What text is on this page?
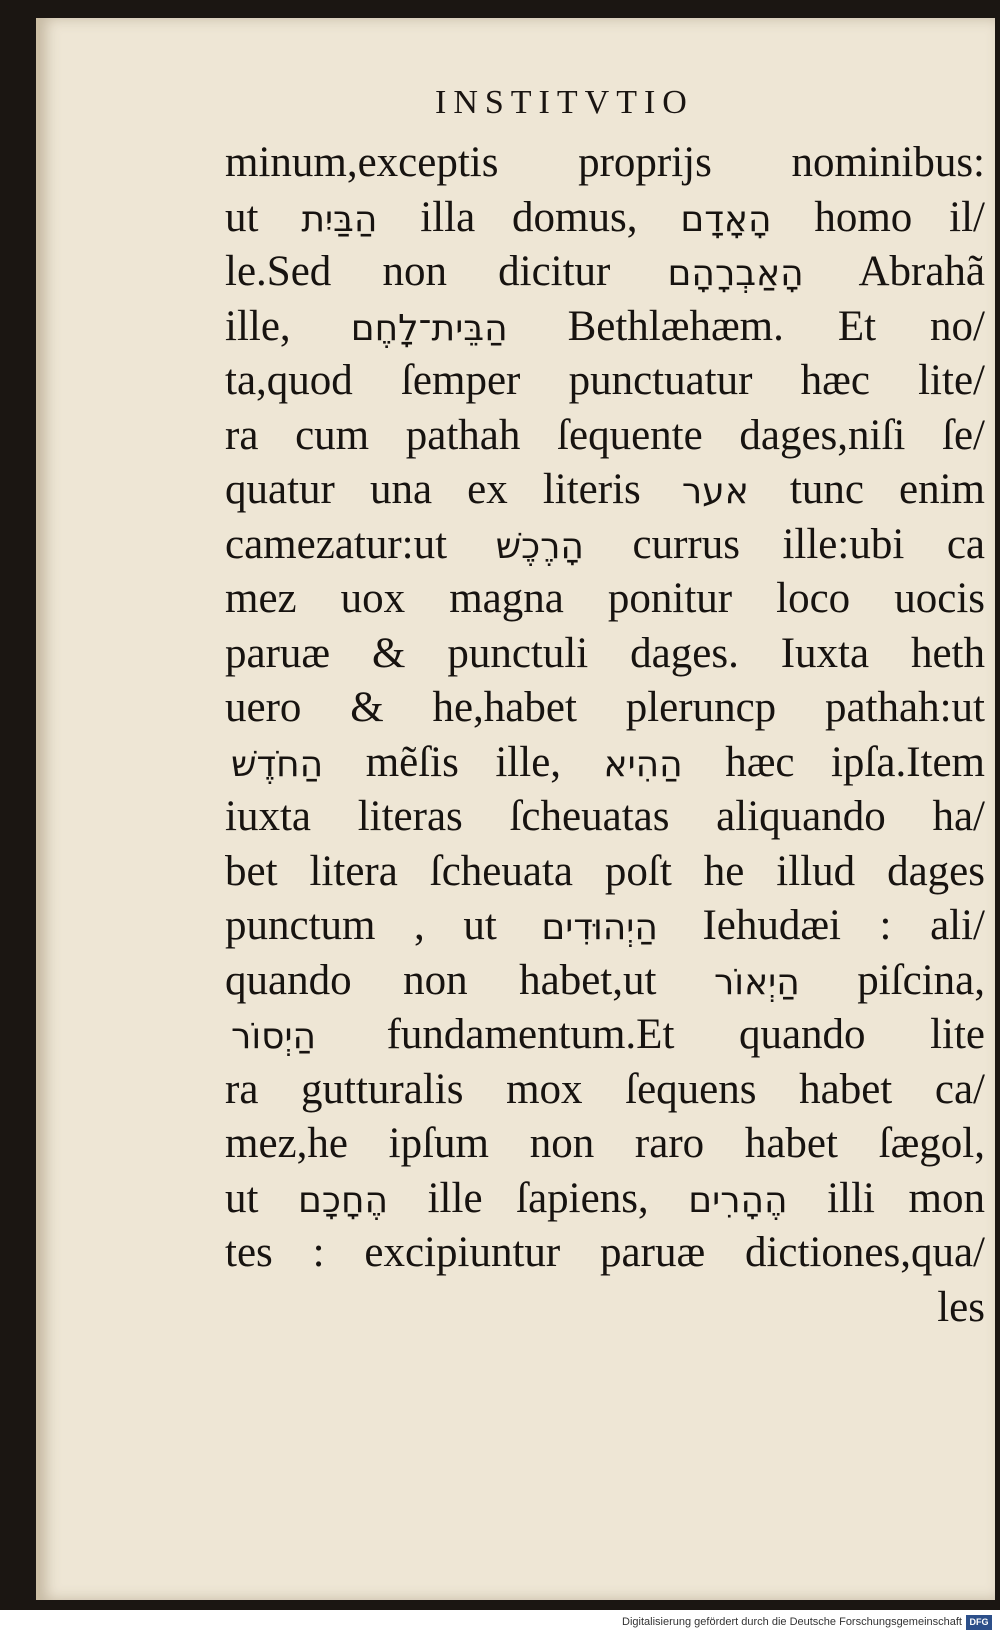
INSTITVTIO
minum,exceptis proprijs nominibus:
ut הַבַּיִת illa domus, הָאָדָם homo il/
le.Sed non dicitur הָאַבְרָהָם Abrahã
ille, הַבֵּית־לָחֶם Bethlæhæm. Et no/
ta,quod ſemper punctuatur hæc lite/
ra cum pathah ſequente dages,niſi ſe/
quatur una ex literis אער tunc enim
camezatur:ut הָרֶכֶשׁ currus ille:ubi ca
mez uox magna ponitur loco uocis
paruæ & punctuli dages. Iuxta heth
uero & he,habet pleruncp pathah:ut
הַחֹדֶשׁ mẽſis ille, הַהִיא hæc ipſa.Item
iuxta literas ſcheuatas aliquando ha/
bet litera ſcheuata poſt he illud dages
punctum , ut הַיְהוּדִים Iehudæi : ali/
quando non habet,ut הַיְאוֹר piſcina,
הַיְסוֹר fundamentum.Et quando lite
ra gutturalis mox ſequens habet ca/
mez,he ipſum non raro habet ſægol,
ut הֶחָכָם ille ſapiens, הֶהָרִים illi mon
tes : excipiuntur paruæ dictiones,qua/
les
Digitalisierung gefördert durch die Deutsche Forschungsgemeinschaft DFG
